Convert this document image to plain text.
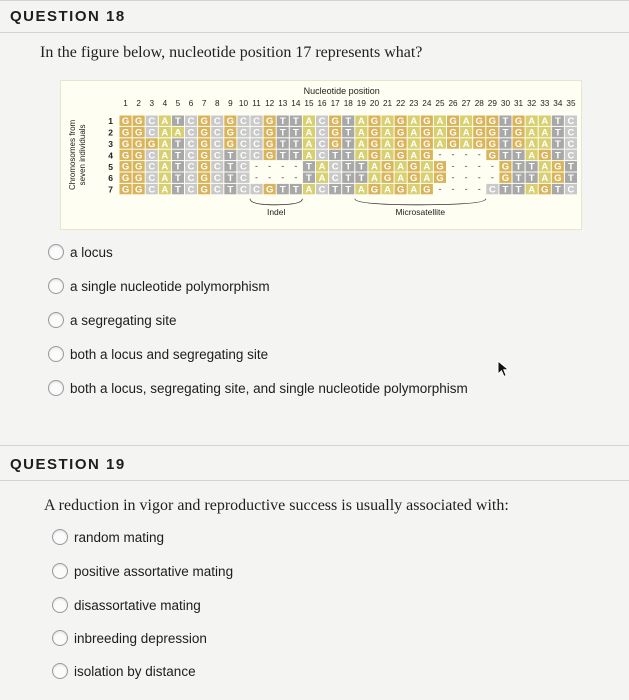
QUESTION 18
In the figure below, nucleotide position 17 represents what?
Nucleotide position
1 2 3 4 5 6 7 8 9 10 11 12 13 14 15 16 17 18 19 20 21 22 23 24 25 26 27 28 29 30 31 32 33 34 35
Chromosomes from seven individuals
1 G G C A T C G C G C C G T T A C G T A G A G A G A G A G G T G A A T C
2 G G C A A C G C G C C G T T A C G T A G A G A G A G A G G T G A A T C
3 G G G A T C G C G C C G T T A C G T A G A G A G A G A G G T G A A T C
4 G G C A T C G C T C C G T T A C T T A G A G A G - - - - G T T A G T C
5 G G C A T C G C T C - - - - T A C T T A G A G A G - - - - G T T A G T
6 G G C A T C G C T C - - - - T A C T T A G A G A G - - - - G T T A G T
7 G G C A T C G C T C C G T T A C T T A G A G A G - - - - C T T A G T C
Indel	Microsatellite
a locus
a single nucleotide polymorphism
a segregating site
both a locus and segregating site
both a locus, segregating site, and single nucleotide polymorphism
QUESTION 19
A reduction in vigor and reproductive success is usually associated with:
random mating
positive assortative mating
disassortative mating
inbreeding depression
isolation by distance
